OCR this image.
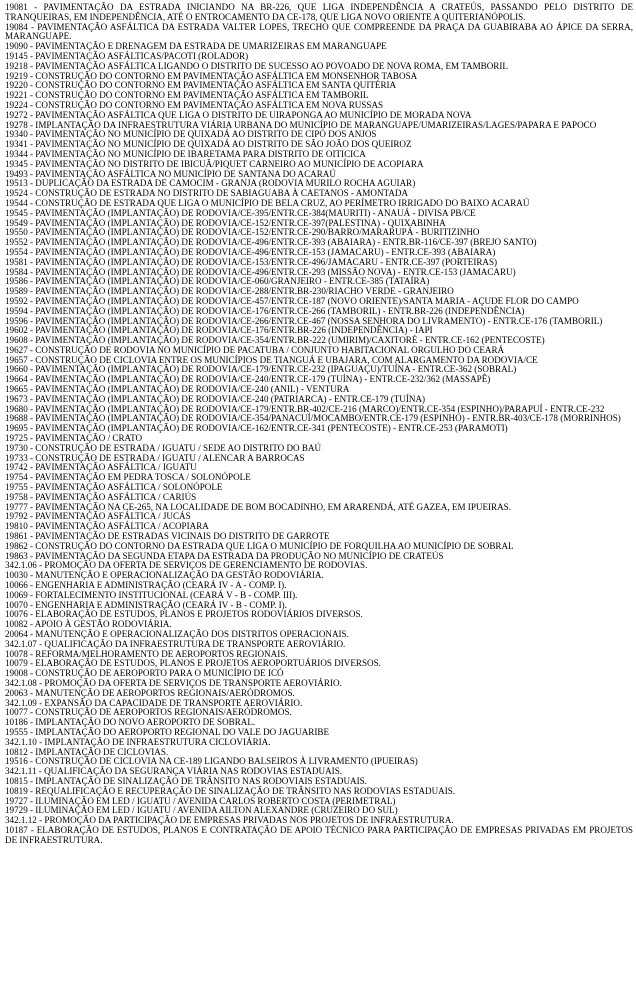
19081 - PAVIMENTAÇÃO DA ESTRADA INICIANDO NA BR-226, QUE LIGA INDEPENDÊNCIA A CRATEÚS, PASSANDO PELO DISTRITO DE TRANQUEIRAS, EM INDEPENDÊNCIA, ATÉ O ENTROCAMENTO DA CE-178, QUE LIGA NOVO ORIENTE A QUITERIANÓPOLIS.

19084 - PAVIMENTAÇÃO ASFÁLTICA DA ESTRADA VALTER LOPES, TRECHO QUE COMPREENDE DA PRAÇA DA GUABIRABA AO ÁPICE DA SERRA, MARANGUAPE.

19090 - PAVIMENTAÇÃO E DRENAGEM DA ESTRADA DE UMARIZEIRAS EM MARANGUAPE

19145 - PAVIMENTAÇÃO ASFÁLTICAS/PACOTI (ROLADOR)

19218 - PAVIMENTAÇÃO ASFÁLTICA LIGANDO O DISTRITO DE SUCESSO AO POVOADO DE NOVA ROMA, EM TAMBORIL

19219 - CONSTRUÇÃO DO CONTORNO EM PAVIMENTAÇÃO ASFÁLTICA EM MONSENHOR TABOSA

19220 - CONSTRUÇÃO DO CONTORNO EM PAVIMENTAÇÃO ASFÁLTICA EM SANTA QUITÉRIA

19221 - CONSTRUÇÃO DO CONTORNO EM PAVIMENTAÇÃO ASFÁLTICA EM TAMBORIL

19224 - CONSTRUÇÃO DO CONTORNO EM PAVIMENTAÇÃO ASFÁLTICA EM NOVA RUSSAS

19272 - PAVIMENTAÇÃO ASFÁLTICA QUE LIGA O DISTRITO DE UIRAPONGA AO MUNICÍPIO DE MORADA NOVA

19278 - IMPLANTAÇÃO DA INFRAESTRUTURA VIÁRIA URBANA DO MUNICÍPIO DE MARANGUAPE/UMARIZEIRAS/LAGES/PAPARA E PAPOCO

19340 - PAVIMENTAÇÃO NO MUNICÍPIO DE QUIXADÁ AO DISTRITO DE CIPÓ DOS ANJOS

19341 - PAVIMENTAÇÃO NO MUNICÍPIO DE QUIXADÁ AO DISTRITO DE SÃO JOÃO DOS QUEIROZ

19344 - PAVIMENTAÇÃO NO MUNICÍPIO DE IBARETAMA PARA DISTRITO DE OITICICA

19345 - PAVIMENTAÇÃO NO DISTRITO DE IBICUÃ/PIQUET CARNEIRO AO MUNICÍPIO DE ACOPIARA

19493 - PAVIMENTAÇÃO ASFÁLTICA NO MUNICÍPIO DE SANTANA DO ACARAÚ

19513 - DUPLICAÇÃO DA ESTRADA DE CAMOCIM - GRANJA (RODOVIA MURILO ROCHA AGUIAR)

19524 - CONSTRUÇÃO DE ESTRADA NO DISTRITO DE SABIAGUABA À CAETANOS - AMONTADA

19544 - CONSTRUÇÃO DE ESTRADA QUE LIGA O MUNICÍPIO DE BELA CRUZ, AO PERÍMETRO IRRIGADO DO BAIXO ACARAÚ

19545 - PAVIMENTAÇÃO (IMPLANTAÇÃO) DE RODOVIA/CE-395/ENTR.CE-384(MAURITI) - ANAUÁ - DIVISA PB/CE

19549 - PAVIMENTAÇÃO (IMPLANTAÇÃO) DE RODOVIA/CE-152/ENTR.CE-397(PALESTINA) - QUIXABINHA

19550 - PAVIMENTAÇÃO (IMPLANTAÇÃO) DE RODOVIA/CE-152/ENTR.CE-290/BARRO/MARARUPÁ - BURITIZINHO

19552 - PAVIMENTAÇÃO (IMPLANTAÇÃO) DE RODOVIA/CE-496/ENTR.CE-393 (ABAIARA) - ENTR.BR-116/CE-397 (BREJO SANTO)

19554 - PAVIMENTAÇÃO (IMPLANTAÇÃO) DE RODOVIA/CE-496/ENTR.CE-153 (JAMACARU) - ENTR.CE-393 (ABAIARA)

19581 - PAVIMENTAÇÃO (IMPLANTAÇÃO) DE RODOVIA/CE-153/ENTR.CE-496/JAMACARU - ENTR.CE-397 (PORTEIRAS)

19584 - PAVIMENTAÇÃO (IMPLANTAÇÃO) DE RODOVIA/CE-496/ENTR.CE-293 (MISSÃO NOVA) - ENTR.CE-153 (JAMACARU)

19586 - PAVIMENTAÇÃO (IMPLANTAÇÃO) DE RODOVIA/CE-060/GRANJEIRO - ENTR.CE-385 (TATAÍRA)

19589 - PAVIMENTAÇÃO (IMPLANTAÇÃO) DE RODOVIA/CE-288/ENTR.BR-230/RIACHO VERDE - GRANJEIRO

19592 - PAVIMENTAÇÃO (IMPLANTAÇÃO) DE RODOVIA/CE-457/ENTR.CE-187 (NOVO ORIENTE)/SANTA MARIA - AÇUDE FLOR DO CAMPO

19594 - PAVIMENTAÇÃO (IMPLANTAÇÃO) DE RODOVIA/CE-176/ENTR.CE-266 (TAMBORIL) - ENTR.BR-226 (INDEPENDÊNCIA)

19596 - PAVIMENTAÇÃO (IMPLANTAÇÃO) DE RODOVIA/CE-266/ENTR.CE-467 (NOSSA SENHORA DO LIVRAMENTO) - ENTR.CE-176 (TAMBORIL)

19602 - PAVIMENTAÇÃO (IMPLANTAÇÃO) DE RODOVIA/CE-176/ENTR.BR-226 (INDEPENDÊNCIA) - IAPI

19608 - PAVIMENTAÇÃO (IMPLANTAÇÃO) DE RODOVIA/CE-354/ENTR.BR-222 (UMIRIM)/CAXITORÉ - ENTR.CE-162 (PENTECOSTE)

19627 - CONSTRUÇÃO DE RODOVIA NO MUNICÍPIO DE PACATUBA / CONJUNTO HABITACIONAL ORGULHO DO CEARÁ

19657 - CONSTRUÇÃO DE CICLOVIA ENTRE OS MUNICÍPIOS DE TIANGUÁ E UBAJARA, COM ALARGAMENTO DA RODOVIA/CE

19660 - PAVIMENTAÇÃO (IMPLANTAÇÃO) DE RODOVIA/CE-179/ENTR.CE-232 (IPAGUAÇU)/TUÍNA - ENTR.CE-362 (SOBRAL)

19664 - PAVIMENTAÇÃO (IMPLANTAÇÃO) DE RODOVIA/CE-240/ENTR.CE-179 (TUÍNA) - ENTR.CE-232/362 (MASSAPÊ)

19665 - PAVIMENTAÇÃO (IMPLANTAÇÃO) DE RODOVIA/CE-240 (ANIL) - VENTURA

19673 - PAVIMENTAÇÃO (IMPLANTAÇÃO) DE RODOVIA/CE-240 (PATRIARCA) - ENTR.CE-179 (TUÍNA)

19680 - PAVIMENTAÇÃO (IMPLANTAÇÃO) DE RODOVIA/CE-179/ENTR.BR-402/CE-216 (MARCO)/ENTR.CE-354 (ESPINHO)/PARAPUÍ - ENTR.CE-232

19688 - PAVIMENTAÇÃO (IMPLANTAÇÃO) DE RODOVIA/CE-354/PANACUÍ/MOCAMBO/ENTR.CE-179 (ESPINHO) - ENTR.BR-403/CE-178 (MORRINHOS)

19695 - PAVIMENTAÇÃO (IMPLANTAÇÃO) DE RODOVIA/CE-162/ENTR.CE-341 (PENTECOSTE) - ENTR.CE-253 (PARAMOTI)

19725 - PAVIMENTAÇÃO / CRATO

19730 - CONSTRUÇÃO DE ESTRADA / IGUATU / SEDE AO DISTRITO DO BAÚ

19733 - CONSTRUÇÃO DE ESTRADA / IGUATU / ALENCAR A BARROCAS

19742 - PAVIMENTAÇÃO ASFÁLTICA / IGUATU

19754 - PAVIMENTAÇÃO EM PEDRA TOSCA / SOLONÓPOLE

19755 - PAVIMENTAÇÃO ASFÁLTICA / SOLONÓPOLE

19758 - PAVIMENTAÇÃO ASFÁLTICA / CARIÚS

19777 - PAVIMENTAÇÃO NA CE-265, NA LOCALIDADE DE BOM BOCADINHO, EM ARARENDÁ, ATÉ GAZEA, EM IPUEIRAS.

19792 - PAVIMENTAÇÃO ASFÁLTICA / JUCÁS

19810 - PAVIMENTAÇÃO ASFÁLTICA / ACOPIARA

19861 - PAVIMENTAÇÃO DE ESTRADAS VICINAIS DO DISTRITO DE GARROTE

19862 - CONSTRUÇÃO DO CONTORNO DA ESTRADA QUE LIGA O MUNICÍPIO DE FORQUILHA AO MUNICÍPIO DE SOBRAL

19863 - PAVIMENTAÇÃO DA SEGUNDA ETAPA DA ESTRADA DA PRODUÇÃO NO MUNICÍPIO DE CRATEÚS

342.1.06 - PROMOÇÃO DA OFERTA DE SERVIÇOS DE GERENCIAMENTO DE RODOVIAS.

10030 - MANUTENÇÃO E OPERACIONALIZAÇÃO DA GESTÃO RODOVIÁRIA.

10066 - ENGENHARIA E ADMINISTRAÇÃO (CEARÁ IV - A - COMP. I).

10069 - FORTALECIMENTO INSTITUCIONAL (CEARÁ V - B - COMP. III).

10070 - ENGENHARIA E ADMINISTRAÇÃO (CEARÁ IV - B - COMP. I).

10076 - ELABORAÇÃO DE ESTUDOS, PLANOS E PROJETOS RODOVIÁRIOS DIVERSOS.

10082 - APOIO À GESTÃO RODOVIÁRIA.

20064 - MANUTENÇÃO E OPERACIONALIZAÇÃO DOS DISTRITOS OPERACIONAIS.

342.1.07 - QUALIFICAÇÃO DA INFRAESTRUTURA DE TRANSPORTE AEROVIÁRIO.

10078 - REFORMA/MELHORAMENTO DE AEROPORTOS REGIONAIS.

10079 - ELABORAÇÃO DE ESTUDOS, PLANOS E PROJETOS AEROPORTUÁRIOS DIVERSOS.

19008 - CONSTRUÇÃO DE AEROPORTO PARA O MUNICÍPIO DE ICÓ

342.1.08 - PROMOÇÃO DA OFERTA DE SERVIÇOS DE TRANSPORTE AEROVIÁRIO.

20063 - MANUTENÇÃO DE AEROPORTOS REGIONAIS/AERÓDROMOS.

342.1.09 - EXPANSÃO DA CAPACIDADE DE TRANSPORTE AEROVIÁRIO.

10077 - CONSTRUÇÃO DE AEROPORTOS REGIONAIS/AERÓDROMOS.

10186 - IMPLANTAÇÃO DO NOVO AEROPORTO DE SOBRAL.

19555 - IMPLANTAÇÃO DO AEROPORTO REGIONAL DO VALE DO JAGUARIBE

342.1.10 - IMPLANTAÇÃO DE INFRAESTRUTURA CICLOVIÁRIA.

10812 - IMPLANTAÇÃO DE CICLOVIAS.

19516 - CONSTRUÇÃO DE CICLOVIA NA CE-189 LIGANDO BALSEIROS À LIVRAMENTO (IPUEIRAS)

342.1.11 - QUALIFICAÇÃO DA SEGURANÇA VIÁRIA NAS RODOVIAS ESTADUAIS.

10815 - IMPLANTAÇÃO DE SINALIZAÇÃO DE TRÂNSITO NAS RODOVIAIS ESTADUAIS.

10819 - REQUALIFICAÇÃO E RECUPERAÇÃO DE SINALIZAÇÃO DE TRÂNSITO NAS RODOVIAS ESTADUAIS.

19727 - ILUMINAÇÃO EM LED / IGUATU / AVENIDA CARLOS ROBERTO COSTA (PERIMETRAL)

19729 - ILUMINAÇÃO EM LED / IGUATU / AVENIDA AILTON ALEXANDRE (CRUZEIRO DO SUL)

342.1.12 - PROMOÇÃO DA PARTICIPAÇÃO DE EMPRESAS PRIVADAS NOS PROJETOS DE INFRAESTRUTURA.

10187 - ELABORAÇÃO DE ESTUDOS, PLANOS E CONTRATAÇÃO DE APOIO TÉCNICO PARA PARTICIPAÇÃO DE EMPRESAS PRIVADAS EM PROJETOS DE INFRAESTRUTURA.
